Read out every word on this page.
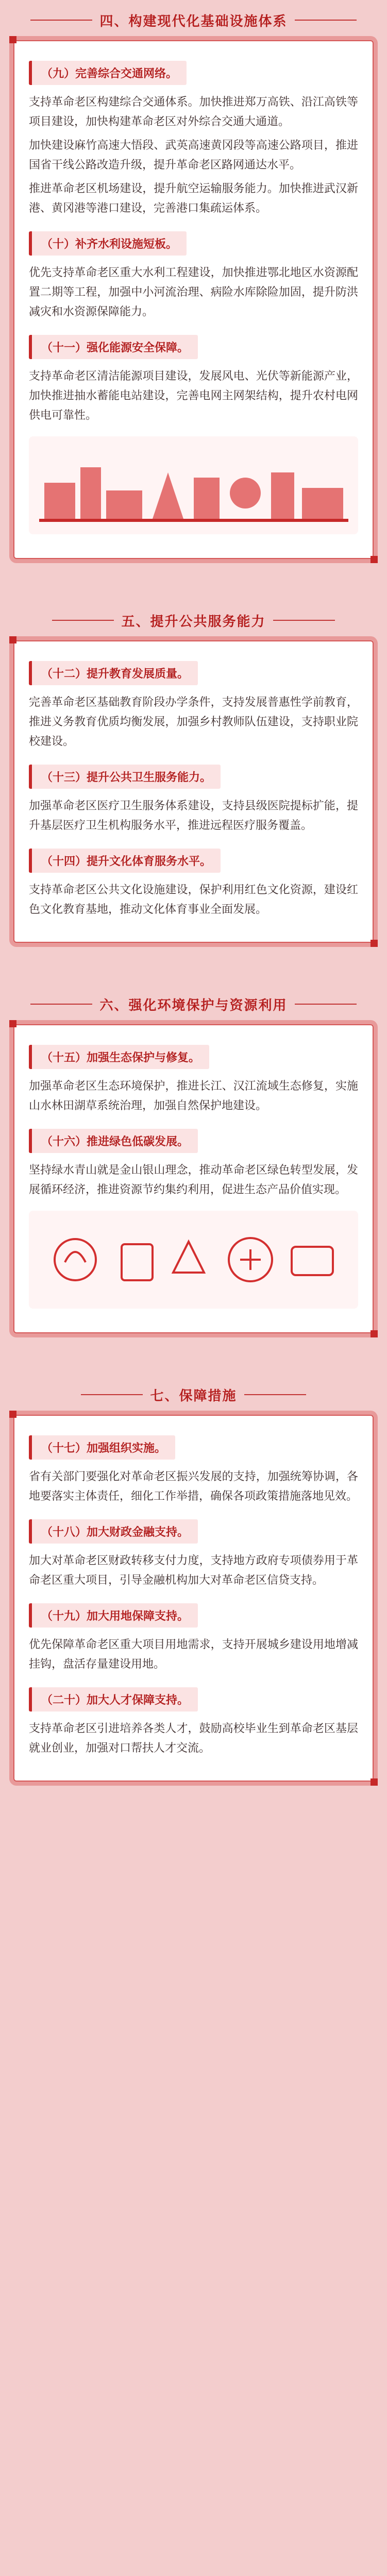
四、构建现代化基础设施体系
（九）完善综合交通网络。

支持革命老区构建综合交通体系。加快推进郑万高铁、沿江高铁等项目建设，加快构建革命老区对外综合交通大通道。

加快建设麻竹高速大悟段、武英高速黄冈段等高速公路项目，推进国省干线公路改造升级，提升革命老区路网通达水平。

推进革命老区机场建设，提升航空运输服务能力。加快推进武汉新港、黄冈港等港口建设，完善港口集疏运体系。

（十）补齐水利设施短板。

优先支持革命老区重大水利工程建设，加快推进鄂北地区水资源配置二期等工程，加强中小河流治理、病险水库除险加固，提升防洪减灾和水资源保障能力。

（十一）强化能源安全保障。

支持革命老区清洁能源项目建设，发展风电、光伏等新能源产业，加快推进抽水蓄能电站建设，完善电网主网架结构，提升农村电网供电可靠性。

五、提升公共服务能力
（十二）提升教育发展质量。

完善革命老区基础教育阶段办学条件，支持发展普惠性学前教育，推进义务教育优质均衡发展，加强乡村教师队伍建设，支持职业院校建设。

（十三）提升公共卫生服务能力。

加强革命老区医疗卫生服务体系建设，支持县级医院提标扩能，提升基层医疗卫生机构服务水平，推进远程医疗服务覆盖。

（十四）提升文化体育服务水平。

支持革命老区公共文化设施建设，保护利用红色文化资源，建设红色文化教育基地，推动文化体育事业全面发展。

六、强化环境保护与资源利用
（十五）加强生态保护与修复。

加强革命老区生态环境保护，推进长江、汉江流域生态修复，实施山水林田湖草系统治理，加强自然保护地建设。

（十六）推进绿色低碳发展。

坚持绿水青山就是金山银山理念，推动革命老区绿色转型发展，发展循环经济，推进资源节约集约利用，促进生态产品价值实现。

七、保障措施
（十七）加强组织实施。

省有关部门要强化对革命老区振兴发展的支持，加强统筹协调，各地要落实主体责任，细化工作举措，确保各项政策措施落地见效。

（十八）加大财政金融支持。

加大对革命老区财政转移支付力度，支持地方政府专项债券用于革命老区重大项目，引导金融机构加大对革命老区信贷支持。

（十九）加大用地保障支持。

优先保障革命老区重大项目用地需求，支持开展城乡建设用地增减挂钩，盘活存量建设用地。

（二十）加大人才保障支持。

支持革命老区引进培养各类人才，鼓励高校毕业生到革命老区基层就业创业，加强对口帮扶人才交流。
